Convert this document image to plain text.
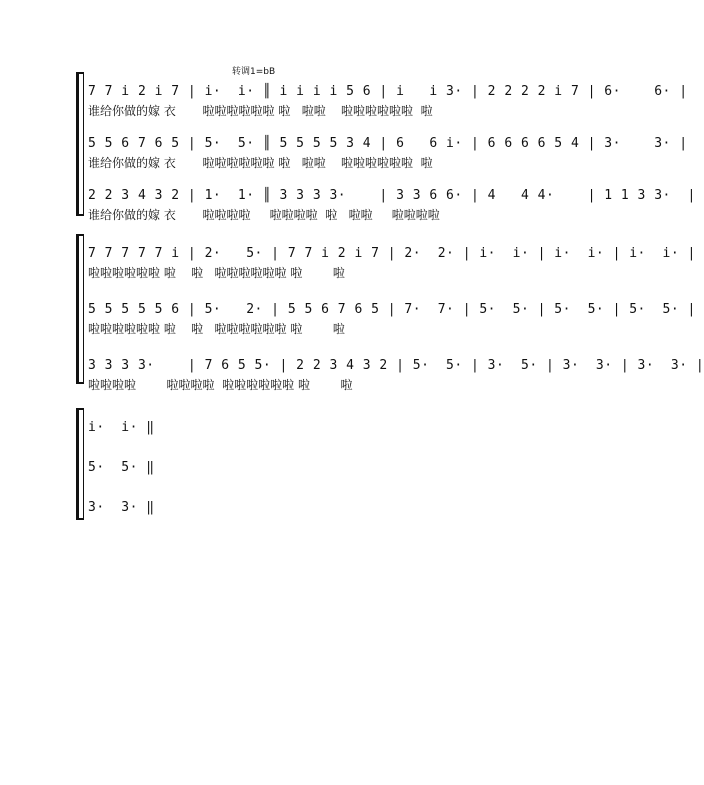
转调1=bB
7 7 i 2 i 7 | i·  i· ║ i i i i 5 6 | i   i 3· | 2 2 2 2 i 7 | 6·    6· |
谁给你做的嫁 衣       啦啦啦啦啦啦 啦   啦啦    啦啦啦啦啦啦  啦
5 5 6 7 6 5 | 5·  5· ║ 5 5 5 5 3 4 | 6   6 i· | 6 6 6 6 5 4 | 3·    3· |
谁给你做的嫁 衣       啦啦啦啦啦啦 啦   啦啦    啦啦啦啦啦啦  啦
2 2 3 4 3 2 | 1·  1· ║ 3 3 3 3·    | 3 3 6 6· | 4   4 4·    | 1 1 3 3·  |
谁给你做的嫁 衣       啦啦啦啦     啦啦啦啦  啦   啦啦     啦啦啦啦
7 7 7 7 7 i | 2·   5· | 7 7 i 2 i 7 | 2·  2· | i·  i· | i·  i· | i·  i· |
啦啦啦啦啦啦 啦    啦   啦啦啦啦啦啦 啦        啦
5 5 5 5 5 6 | 5·   2· | 5 5 6 7 6 5 | 7·  7· | 5·  5· | 5·  5· | 5·  5· |
啦啦啦啦啦啦 啦    啦   啦啦啦啦啦啦 啦        啦
3 3 3 3·    | 7 6 5 5· | 2 2 3 4 3 2 | 5·  5· | 3·  5· | 3·  3· | 3·  3· |
啦啦啦啦        啦啦啦啦  啦啦啦啦啦啦 啦        啦
i·  i· ‖
5·  5· ‖
3·  3· ‖
